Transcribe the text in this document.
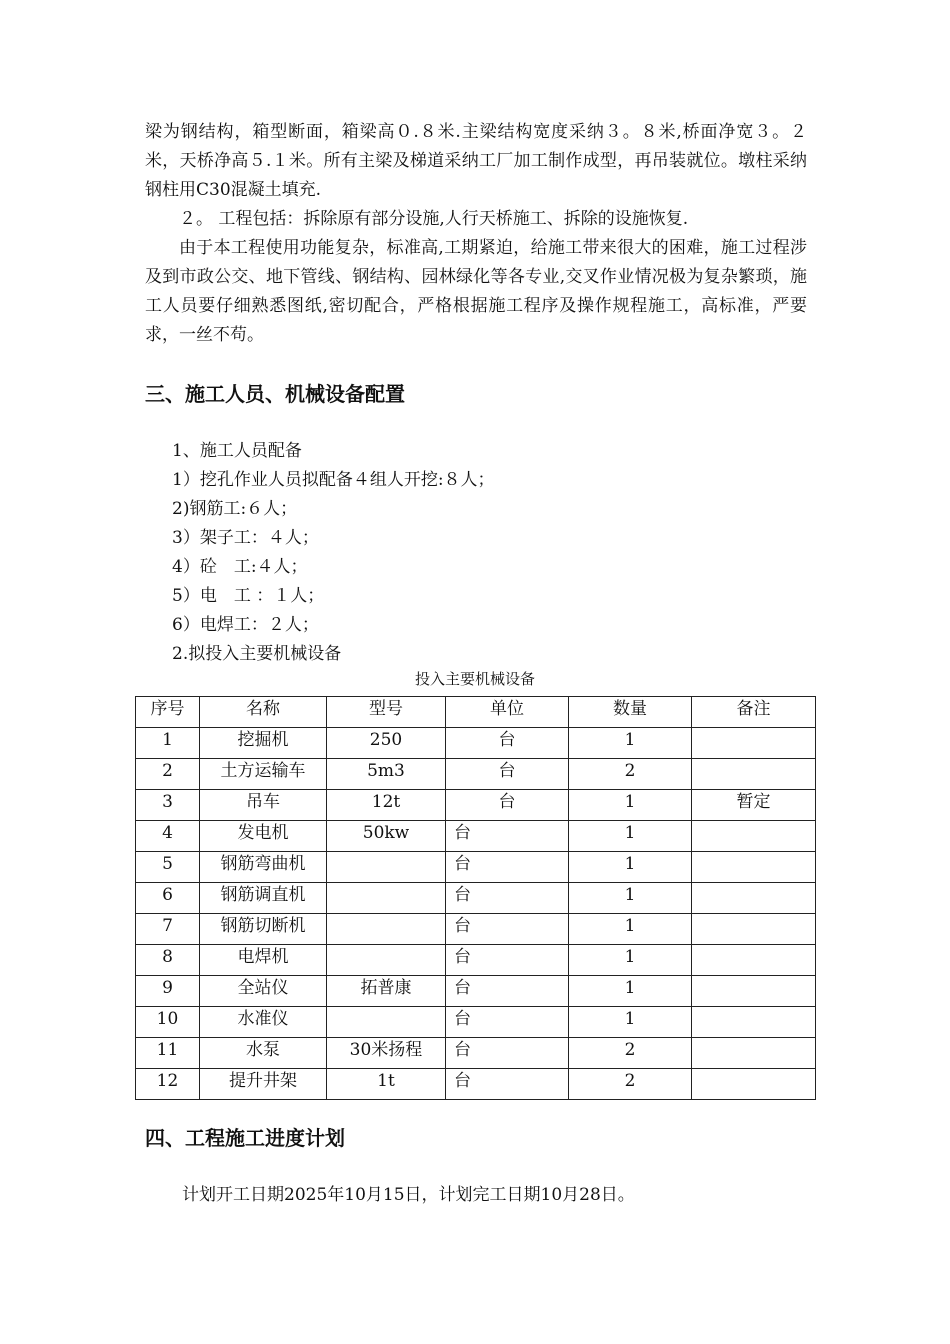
梁为钢结构，箱型断面，箱梁高０.８米.主梁结构宽度采纳３。８米,桥面净宽３。２米，天桥净高５.１米。所有主梁及梯道采纳工厂加工制作成型，再吊装就位。墩柱采纳钢柱用C30混凝土填充.

２。 工程包括：拆除原有部分设施,人行天桥施工、拆除的设施恢复.

由于本工程使用功能复杂，标准高,工期紧迫，给施工带来很大的困难，施工过程涉及到市政公交、地下管线、钢结构、园林绿化等各专业,交叉作业情况极为复杂繁琐，施工人员要仔细熟悉图纸,密切配合，严格根据施工程序及操作规程施工，高标准，严要求，一丝不苟。

三、施工人员、机械设备配置

1、施工人员配备

1）挖孔作业人员拟配备４组人开挖:８人；

2)钢筋工:６人；

3）架子工：４人；

4）砼　工:４人；

5）电　工 ：１人；

6）电焊工：２人；

2.拟投入主要机械设备

投入主要机械设备

序号	名称	型号	单位	数量	备注
1	挖掘机	250	台	1	
2	土方运输车	5m3	台	2	
3	吊车	12t	台	1	暂定
4	发电机	50kw	台	1	
5	钢筋弯曲机		台	1	
6	钢筋调直机		台	1	
7	钢筋切断机		台	1	
8	电焊机		台	1	
9	全站仪	拓普康	台	1	
10	水准仪		台	1	
11	水泵	30米扬程	台	2	
12	提升井架	1t	台	2	
四、工程施工进度计划

计划开工日期2025年10月15日，计划完工日期10月28日。
